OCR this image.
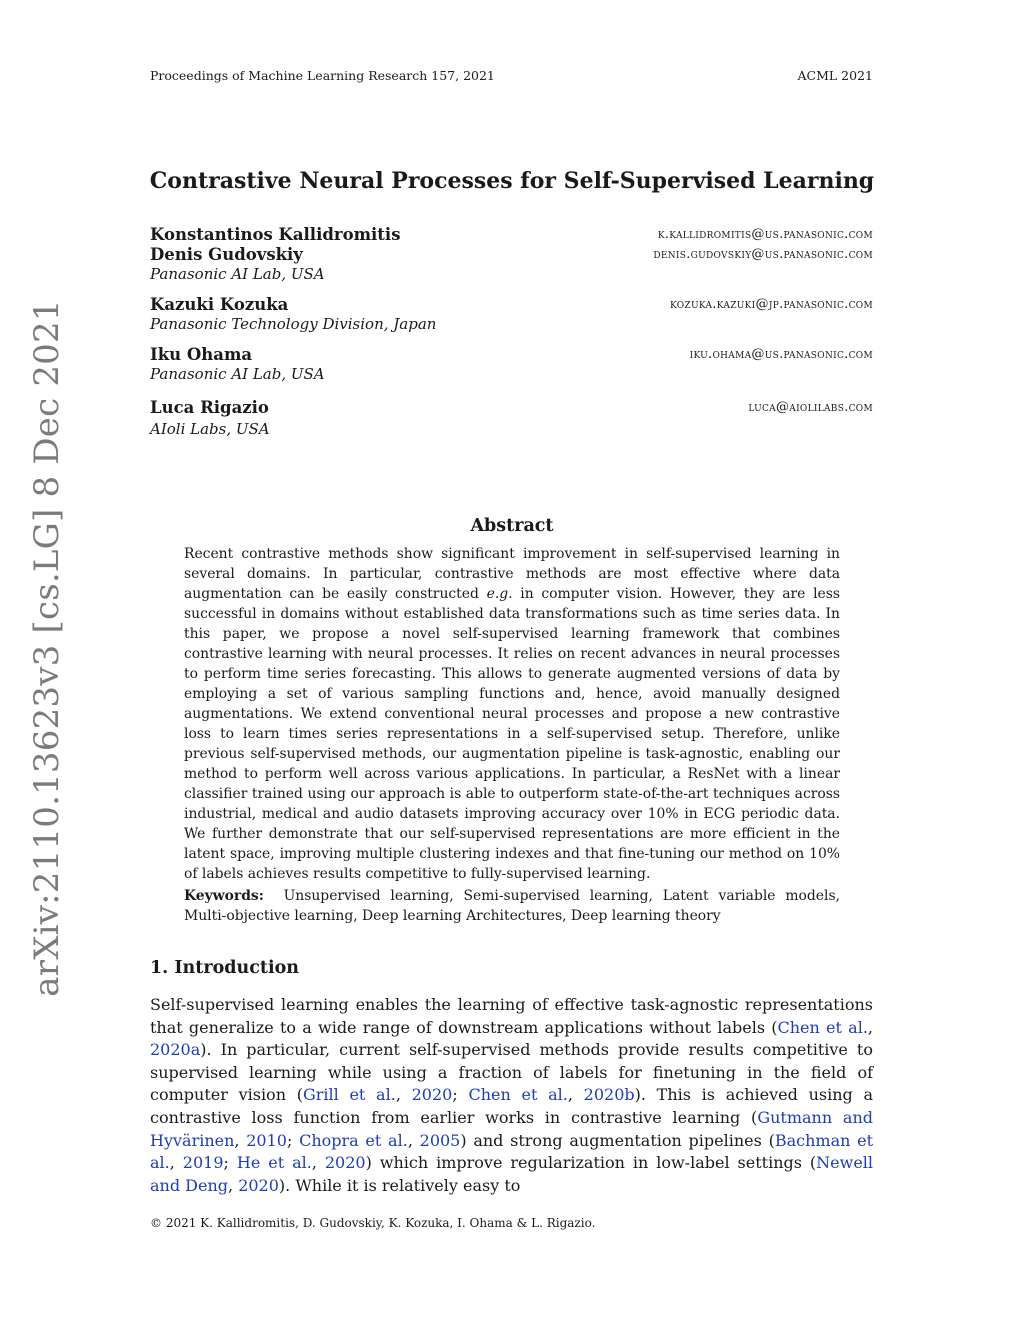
Proceedings of Machine Learning Research 157, 2021	ACML 2021
arXiv:2110.13623v3 [cs.LG] 8 Dec 2021
Contrastive Neural Processes for Self-Supervised Learning
Konstantinos Kallidromitis	k.kallidromitis@us.panasonic.com
Denis Gudovskiy	denis.gudovskiy@us.panasonic.com
Panasonic AI Lab, USA
Kazuki Kozuka	kozuka.kazuki@jp.panasonic.com
Panasonic Technology Division, Japan
Iku Ohama	iku.ohama@us.panasonic.com
Panasonic AI Lab, USA
Luca Rigazio	luca@aiolilabs.com
AIoli Labs, USA
Abstract
Recent contrastive methods show significant improvement in self-supervised learning in several domains. In particular, contrastive methods are most effective where data augmentation can be easily constructed e.g. in computer vision. However, they are less successful in domains without established data transformations such as time series data. In this paper, we propose a novel self-supervised learning framework that combines contrastive learning with neural processes. It relies on recent advances in neural processes to perform time series forecasting. This allows to generate augmented versions of data by employing a set of various sampling functions and, hence, avoid manually designed augmentations. We extend conventional neural processes and propose a new contrastive loss to learn times series representations in a self-supervised setup. Therefore, unlike previous self-supervised methods, our augmentation pipeline is task-agnostic, enabling our method to perform well across various applications. In particular, a ResNet with a linear classifier trained using our approach is able to outperform state-of-the-art techniques across industrial, medical and audio datasets improving accuracy over 10% in ECG periodic data. We further demonstrate that our self-supervised representations are more efficient in the latent space, improving multiple clustering indexes and that fine-tuning our method on 10% of labels achieves results competitive to fully-supervised learning.
Keywords: Unsupervised learning, Semi-supervised learning, Latent variable models, Multi-objective learning, Deep learning Architectures, Deep learning theory
1. Introduction
Self-supervised learning enables the learning of effective task-agnostic representations that generalize to a wide range of downstream applications without labels (Chen et al., 2020a). In particular, current self-supervised methods provide results competitive to supervised learning while using a fraction of labels for finetuning in the field of computer vision (Grill et al., 2020; Chen et al., 2020b). This is achieved using a contrastive loss function from earlier works in contrastive learning (Gutmann and Hyvärinen, 2010; Chopra et al., 2005) and strong augmentation pipelines (Bachman et al., 2019; He et al., 2020) which improve regularization in low-label settings (Newell and Deng, 2020). While it is relatively easy to
© 2021 K. Kallidromitis, D. Gudovskiy, K. Kozuka, I. Ohama & L. Rigazio.
